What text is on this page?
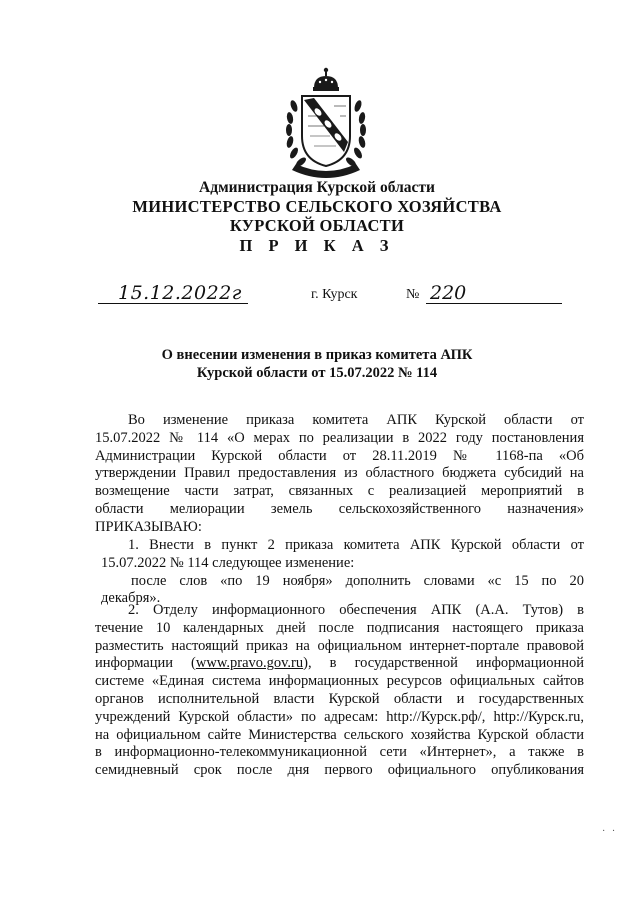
Администрация Курской области
МИНИСТЕРСТВО СЕЛЬСКОГО ХОЗЯЙСТВА
КУРСКОЙ ОБЛАСТИ
П Р И К А З
15.12.2022г	г. Курск	№ 220
О внесении изменения в приказ комитета АПК
Курской области от 15.07.2022 № 114
Во изменение приказа комитета АПК Курской области от
15.07.2022 № 114 «О мерах по реализации в 2022 году постановления
Администрации Курской области от 28.11.2019 № 1168-па «Об
утверждении Правил предоставления из областного бюджета субсидий на
возмещение части затрат, связанных с реализацией мероприятий в
области мелиорации земель сельскохозяйственного назначения»
ПРИКАЗЫВАЮ:
1. Внести в пункт 2 приказа комитета АПК Курской области от
15.07.2022 № 114 следующее изменение:
после слов «по 19 ноября» дополнить словами «с 15 по 20
декабря».
2. Отделу информационного обеспечения АПК (А.А. Тутов) в
течение 10 календарных дней после подписания настоящего приказа
разместить настоящий приказ на официальном интернет-портале правовой
информации (www.pravo.gov.ru), в государственной информационной
системе «Единая система информационных ресурсов официальных сайтов
органов исполнительной власти Курской области и государственных
учреждений Курской области» по адресам: http://Курск.рф/, http://Курск.ru,
на официальном сайте Министерства сельского хозяйства Курской области
в информационно-телекоммуникационной сети «Интернет», а также в
семидневный срок после дня первого официального опубликования
· ·
